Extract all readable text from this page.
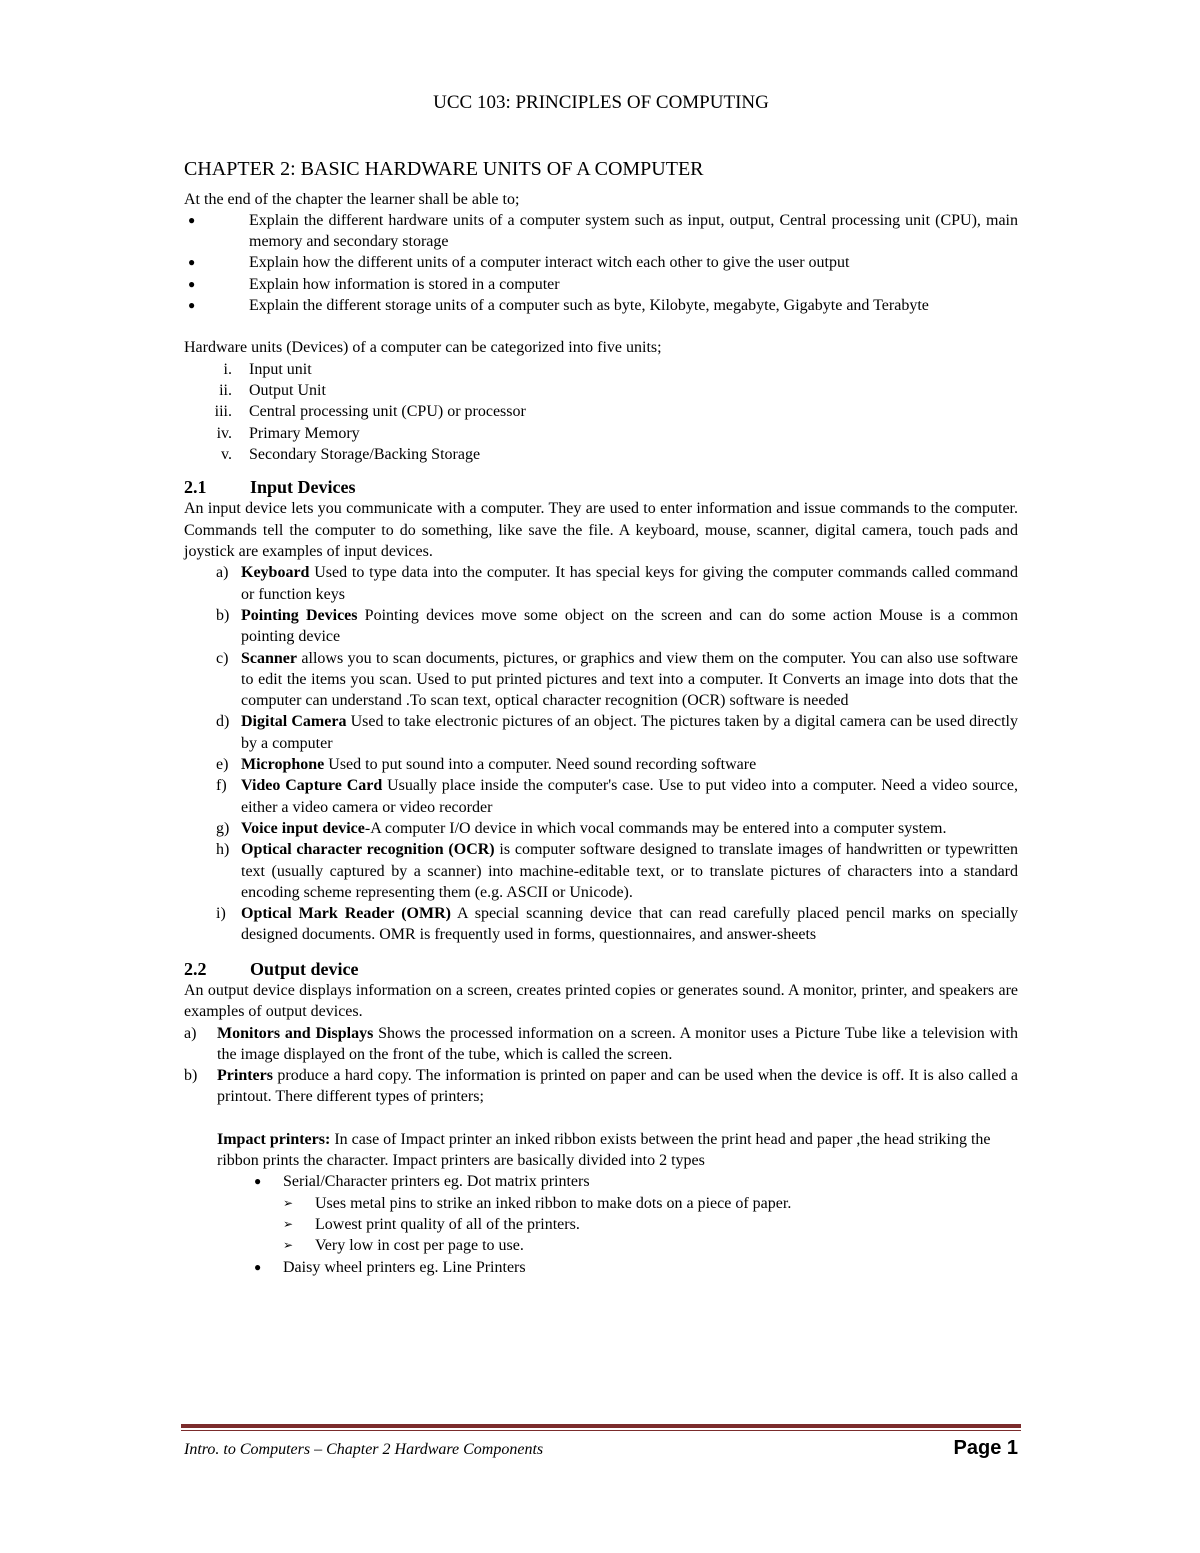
UCC 103: PRINCIPLES OF COMPUTING
CHAPTER 2: BASIC HARDWARE UNITS OF A COMPUTER

At the end of the chapter the learner shall be able to;

●	Explain the different hardware units of a computer system such as input, output, Central processing unit (CPU), main memory and secondary storage
●	Explain how the different units of a computer interact witch each other to give the user output
●	Explain how information is stored in a computer
●	Explain the different storage units of a computer such as byte, Kilobyte, megabyte, Gigabyte and Terabyte

Hardware units (Devices) of a computer can be categorized into five units;

i. Input unit
ii. Output Unit
iii. Central processing unit (CPU) or processor
iv. Primary Memory
v. Secondary Storage/Backing Storage
2.1	Input Devices

An input device lets you communicate with a computer. They are used to enter information and issue commands to the computer. Commands tell the computer to do something, like save the file. A keyboard, mouse, scanner, digital camera, touch pads and joystick are examples of input devices.

a) Keyboard Used to type data into the computer. It has special keys for giving the computer commands called command or function keys
b) Pointing Devices Pointing devices move some object on the screen and can do some action Mouse is a common pointing device
c) Scanner allows you to scan documents, pictures, or graphics and view them on the computer. You can also use software to edit the items you scan. Used to put printed pictures and text into a computer. It Converts an image into dots that the computer can understand .To scan text, optical character recognition (OCR) software is needed
d) Digital Camera Used to take electronic pictures of an object. The pictures taken by a digital camera can be used directly by a computer
e) Microphone Used to put sound into a computer. Need sound recording software
f) Video Capture Card Usually place inside the computer's case. Use to put video into a computer. Need a video source, either a video camera or video recorder
g) Voice input device-A computer I/O device in which vocal commands may be entered into a computer system.
h) Optical character recognition (OCR) is computer software designed to translate images of handwritten or typewritten text (usually captured by a scanner) into machine-editable text, or to translate pictures of characters into a standard encoding scheme representing them (e.g. ASCII or Unicode).
i) Optical Mark Reader (OMR) A special scanning device that can read carefully placed pencil marks on specially designed documents. OMR is frequently used in forms, questionnaires, and answer-sheets
2.2	Output device

An output device displays information on a screen, creates printed copies or generates sound. A monitor, printer, and speakers are examples of output devices.

a) Monitors and Displays Shows the processed information on a screen. A monitor uses a Picture Tube like a television with the image displayed on the front of the tube, which is called the screen.
b) Printers produce a hard copy. The information is printed on paper and can be used when the device is off. It is also called a printout. There different types of printers;

Impact printers: In case of Impact printer an inked ribbon exists between the print head and paper ,the head striking the ribbon prints the character. Impact printers are basically divided into 2 types

● Serial/Character printers eg. Dot matrix printers
➢ Uses metal pins to strike an inked ribbon to make dots on a piece of paper.
➢ Lowest print quality of all of the printers.
➢ Very low in cost per page to use.
● Daisy wheel printers eg. Line Printers
Intro. to Computers – Chapter 2 Hardware Components	Page 1
